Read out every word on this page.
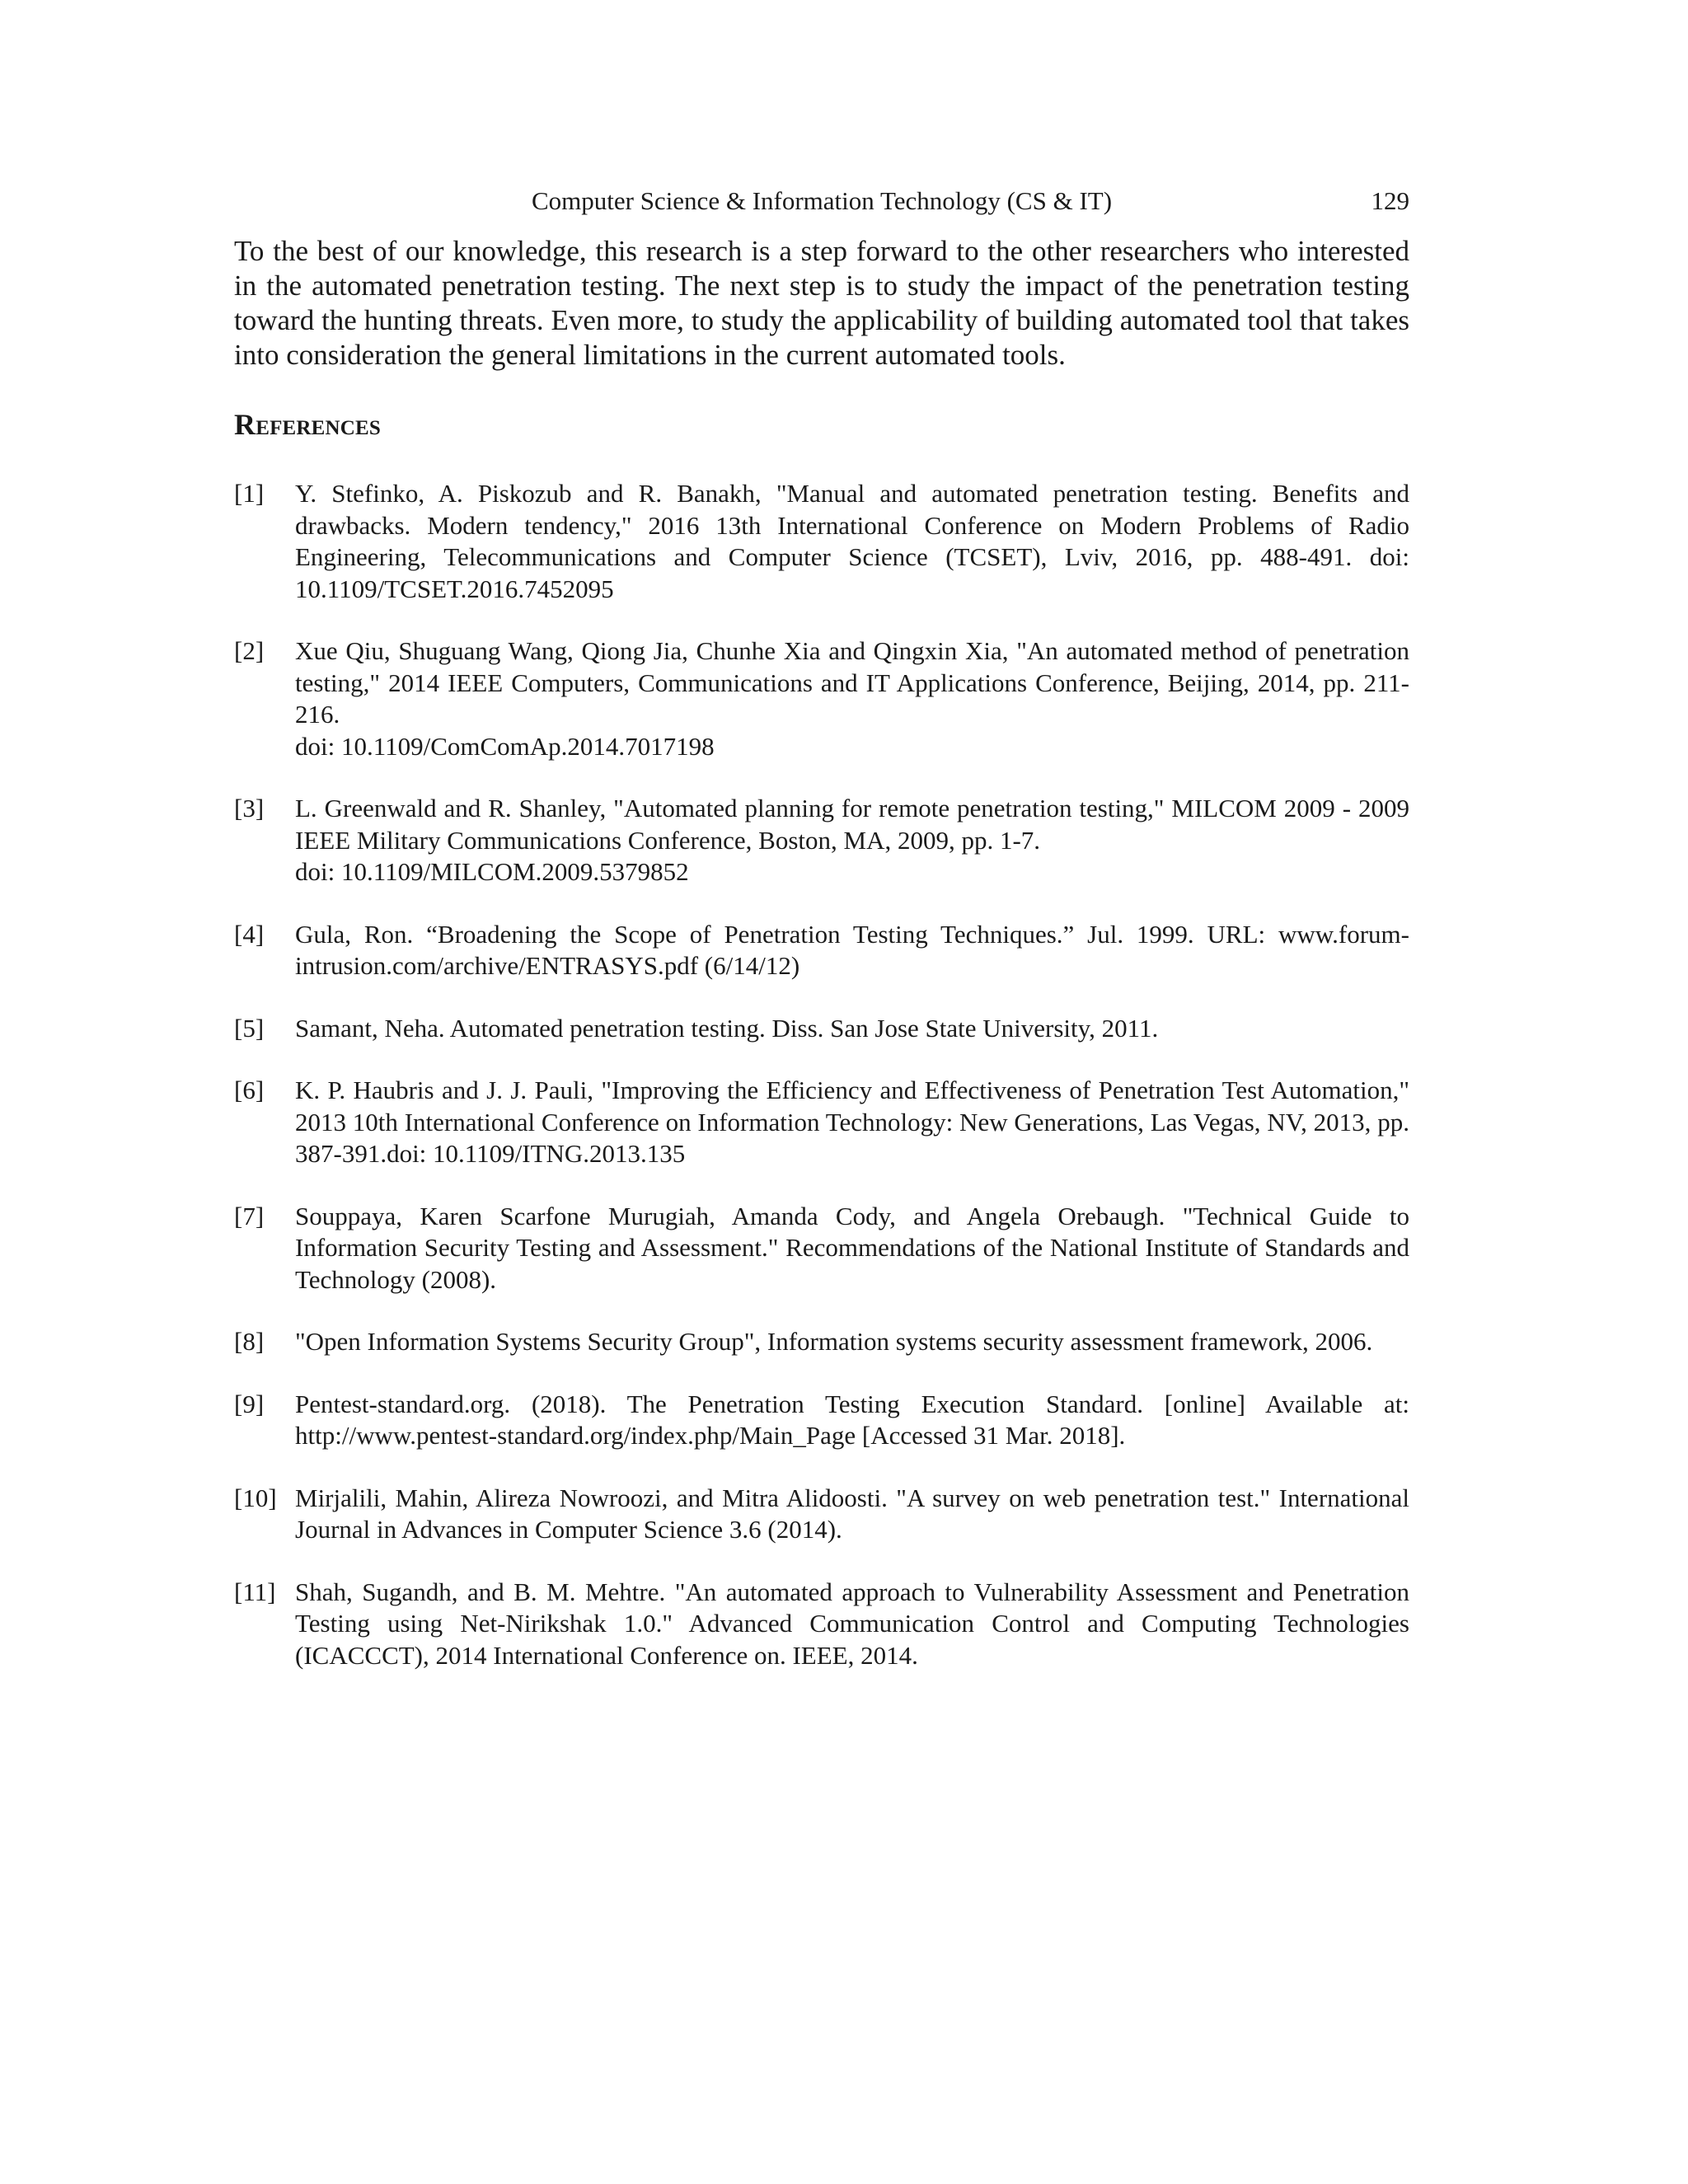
Computer Science & Information Technology (CS & IT)	129

To the best of our knowledge, this research is a step forward to the other researchers who interested in the automated penetration testing. The next step is to study the impact of the penetration testing toward the hunting threats. Even more, to study the applicability of building automated tool that takes into consideration the general limitations in the current automated tools.

References
[1] Y. Stefinko, A. Piskozub and R. Banakh, "Manual and automated penetration testing. Benefits and drawbacks. Modern tendency," 2016 13th International Conference on Modern Problems of Radio Engineering, Telecommunications and Computer Science (TCSET), Lviv, 2016, pp. 488-491. doi: 10.1109/TCSET.2016.7452095
[2] Xue Qiu, Shuguang Wang, Qiong Jia, Chunhe Xia and Qingxin Xia, "An automated method of penetration testing," 2014 IEEE Computers, Communications and IT Applications Conference, Beijing, 2014, pp. 211-216.
doi: 10.1109/ComComAp.2014.7017198
[3] L. Greenwald and R. Shanley, "Automated planning for remote penetration testing," MILCOM 2009 - 2009 IEEE Military Communications Conference, Boston, MA, 2009, pp. 1-7.
doi: 10.1109/MILCOM.2009.5379852
[4] Gula, Ron. “Broadening the Scope of Penetration Testing Techniques.” Jul. 1999. URL: www.forum-intrusion.com/archive/ENTRASYS.pdf (6/14/12)
[5] Samant, Neha. Automated penetration testing. Diss. San Jose State University, 2011.
[6] K. P. Haubris and J. J. Pauli, "Improving the Efficiency and Effectiveness of Penetration Test Automation," 2013 10th International Conference on Information Technology: New Generations, Las Vegas, NV, 2013, pp. 387-391.doi: 10.1109/ITNG.2013.135
[7] Souppaya, Karen Scarfone Murugiah, Amanda Cody, and Angela Orebaugh. "Technical Guide to Information Security Testing and Assessment." Recommendations of the National Institute of Standards and Technology (2008).
[8] "Open Information Systems Security Group", Information systems security assessment framework, 2006.
[9] Pentest-standard.org. (2018). The Penetration Testing Execution Standard. [online] Available at: http://www.pentest-standard.org/index.php/Main_Page [Accessed 31 Mar. 2018].
[10] Mirjalili, Mahin, Alireza Nowroozi, and Mitra Alidoosti. "A survey on web penetration test." International Journal in Advances in Computer Science 3.6 (2014).
[11] Shah, Sugandh, and B. M. Mehtre. "An automated approach to Vulnerability Assessment and Penetration Testing using Net-Nirikshak 1.0." Advanced Communication Control and Computing Technologies (ICACCCT), 2014 International Conference on. IEEE, 2014.
